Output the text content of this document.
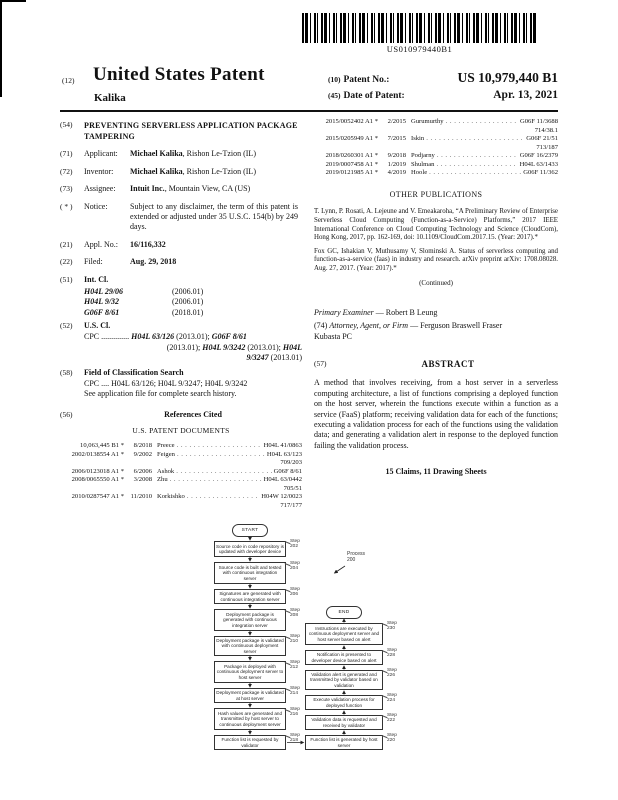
US010979440B1
(12) United States Patent
Kalika
(10) Patent No.:	US 10,979,440 B1
(45) Date of Patent:	Apr. 13, 2021
(54)	PREVENTING SERVERLESS APPLICATION PACKAGE TAMPERING
(71)	Applicant:	Michael Kalika, Rishon Le-Tzion (IL)
(72)	Inventor:	Michael Kalika, Rishon Le-Tzion (IL)
(73)	Assignee:	Intuit Inc., Mountain View, CA (US)
( * )	Notice:	Subject to any disclaimer, the term of this patent is extended or adjusted under 35 U.S.C. 154(b) by 249 days.
(21)	Appl. No.:	16/116,332
(22)	Filed:	Aug. 29, 2018
(51)	Int. Cl.
H04L 29/06	(2006.01)
H04L 9/32	(2006.01)
G06F 8/61	(2018.01)
(52)	U.S. Cl.
CPC .............. H04L 63/126 (2013.01); G06F 8/61
(2013.01); H04L 9/3242 (2013.01); H04L
9/3247 (2013.01)
(58)	Field of Classification Search
CPC .... H04L 63/126; H04L 9/3247; H04L 9/3242
See application file for complete search history.
(56)	References Cited
U.S. PATENT DOCUMENTS
10,063,445 B1 *	8/2018 Preece . . .	H04L 41/0863
2002/0138554 A1 *	9/2002 Feigen . . .	H04L 63/123
709/203
2006/0123018 A1 *	6/2006 Ashok . . .	G06F 8/61
2008/0065550 A1 *	3/2008 Zhu . . .	H04L 63/0442
705/51
2010/0287547 A1 *	11/2010 Korkishko . . .	H04W 12/0023
717/177
2015/0052402 A1 *	2/2015 Gurumurthy . . .	G06F 11/3688
714/38.1
2015/0205949 A1 *	7/2015 Iskin . . .	G06F 21/51
713/187
2018/0260301 A1 *	9/2018 Podjarny . . .	G06F 16/2379
2019/0007458 A1 *	1/2019 Shulman . . .	H04L 63/1433
2019/0121985 A1 *	4/2019 Hoole . . .	G06F 11/362
OTHER PUBLICATIONS
T. Lynn, P. Rosati, A. Lejeune and V. Emeakaroha, “A Preliminary Review of Enterprise Serverless Cloud Computing (Function-as-a-Service) Platforms,” 2017 IEEE International Conference on Cloud Computing Technology and Science (CloudCom), Hong Kong, 2017, pp. 162-169, doi: 10.1109/CloudCom.2017.15. (Year: 2017).*
Fox GC, Ishakian V, Muthusamy V, Slominski A. Status of serverless computing and function-as-a-service (faas) in industry and research. arXiv preprint arXiv: 1708.08028. Aug. 27, 2017. (Year: 2017).*
(Continued)
Primary Examiner — Robert B Leung
(74) Attorney, Agent, or Firm — Ferguson Braswell Fraser Kubasta PC
(57)	ABSTRACT
A method that involves receiving, from a host server in a serverless computing architecture, a list of functions comprising a deployed function on the host server, wherein the functions execute within a function as a service (FaaS) platform; receiving validation data for each of the functions; executing a validation process for each of the functions using the validation data; and generating a validation alert in response to the deployed function failing the validation process.
15 Claims, 11 Drawing Sheets
START
END
Process
200
Source code in code repository is updated with developer device
Source code is built and tested with continuous integration server
Signatures are generated with continuous integration server
Deployment package is generated with continuous integration server
Deployment package is validated with continuous deployment server
Package is deployed with continuous deployment server to host server
Deployment package is validated at host server
Hash values are generated and transmitted by host server to continuous deployment server
Function list is requested by validator
Instructions are executed by continuous deployment server and host server based on alert
Notification is presented to developer device based on alert
Validation alert is generated and transmitted by validator based on validation
Execute validation process for deployed function
Validation data is requested and received by validator
Function list is generated by host server
Step
202
Step
204
Step
206
Step
208
Step
210
Step
212
Step
214
Step
216
Step
218
Step
230
Step
228
Step
226
Step
224
Step
222
Step
220
